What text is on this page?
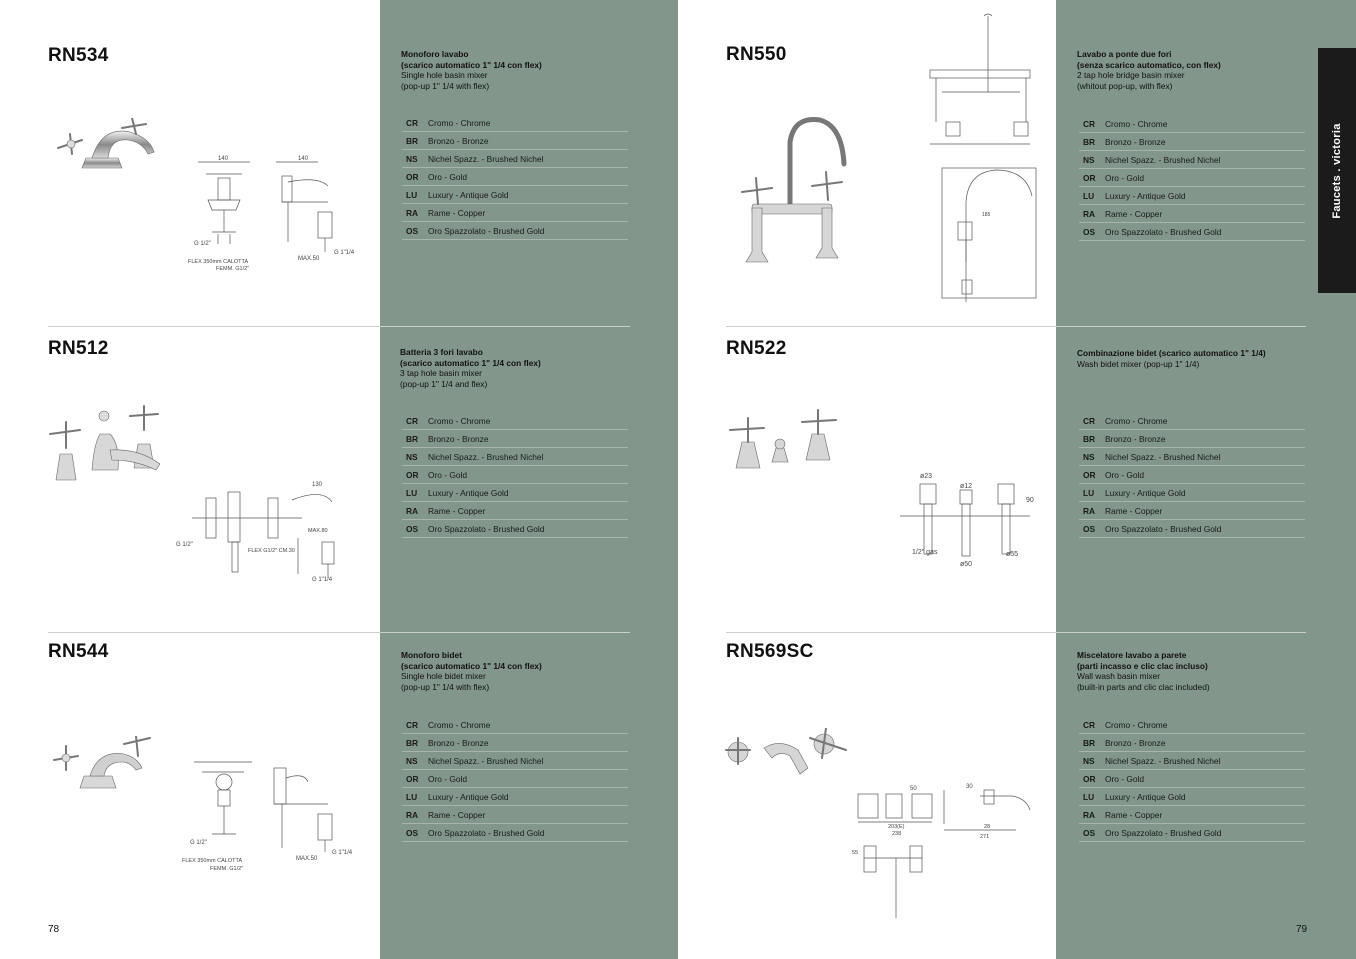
Faucets . victoria
RN534	Monoforo lavabo
(scarico automatico 1" 1/4 con flex)
Single hole basin mixer
(pop-up 1" 1/4 with flex)
CR	Cromo - Chrome
BR	Bronzo - Bronze
NS	Nichel Spazz. - Brushed Nichel
OR	Oro - Gold
LU	Luxury - Antique Gold
RA	Rame - Copper
OS	Oro Spazzolato - Brushed Gold
140	140
G 1/2"
MAX.50
G 1"1/4
FLEX 350mm CALOTTA
FEMM. G1/2"
RN512	Batteria 3 fori lavabo
(scarico automatico 1" 1/4 con flex)
3 tap hole basin mixer
(pop-up 1" 1/4 and flex)
CR	Cromo - Chrome
BR	Bronzo - Bronze
NS	Nichel Spazz. - Brushed Nichel
OR	Oro - Gold
LU	Luxury - Antique Gold
RA	Rame - Copper
OS	Oro Spazzolato - Brushed Gold
130
G 1/2"
FLEX G1/2" CM.30
MAX.80
G 1"1/4
RN544	Monoforo bidet
(scarico automatico 1" 1/4 con flex)
Single hole bidet mixer
(pop-up 1" 1/4 with flex)
CR	Cromo - Chrome
BR	Bronzo - Bronze
NS	Nichel Spazz. - Brushed Nichel
OR	Oro - Gold
LU	Luxury - Antique Gold
RA	Rame - Copper
OS	Oro Spazzolato - Brushed Gold
G 1/2"
MAX.50
G 1"1/4
FLEX 350mm CALOTTA
FEMM. G1/2"
RN550	Lavabo a ponte due fori
(senza scarico automatico, con flex)
2 tap hole bridge basin mixer
(whitout pop-up, with flex)
CR	Cromo - Chrome
BR	Bronzo - Bronze
NS	Nichel Spazz. - Brushed Nichel
OR	Oro - Gold
LU	Luxury - Antique Gold
RA	Rame - Copper
OS	Oro Spazzolato - Brushed Gold
185
RN522	Combinazione bidet (scarico automatico 1" 1/4)
Wash bidet mixer (pop-up 1" 1/4)
CR	Cromo - Chrome
BR	Bronzo - Bronze
NS	Nichel Spazz. - Brushed Nichel
OR	Oro - Gold
LU	Luxury - Antique Gold
RA	Rame - Copper
OS	Oro Spazzolato - Brushed Gold
ø23
ø12
1/2" gas
ø50
ø55
90
RN569SC	Miscelatore lavabo a parete
(parti incasso e clic clac incluso)
Wall wash basin mixer
(built-in parts and clic clac included)
CR	Cromo - Chrome
BR	Bronzo - Bronze
NS	Nichel Spazz. - Brushed Nichel
OR	Oro - Gold
LU	Luxury - Antique Gold
RA	Rame - Copper
OS	Oro Spazzolato - Brushed Gold
50	30
203(E)
238
28
271
55
78	79
